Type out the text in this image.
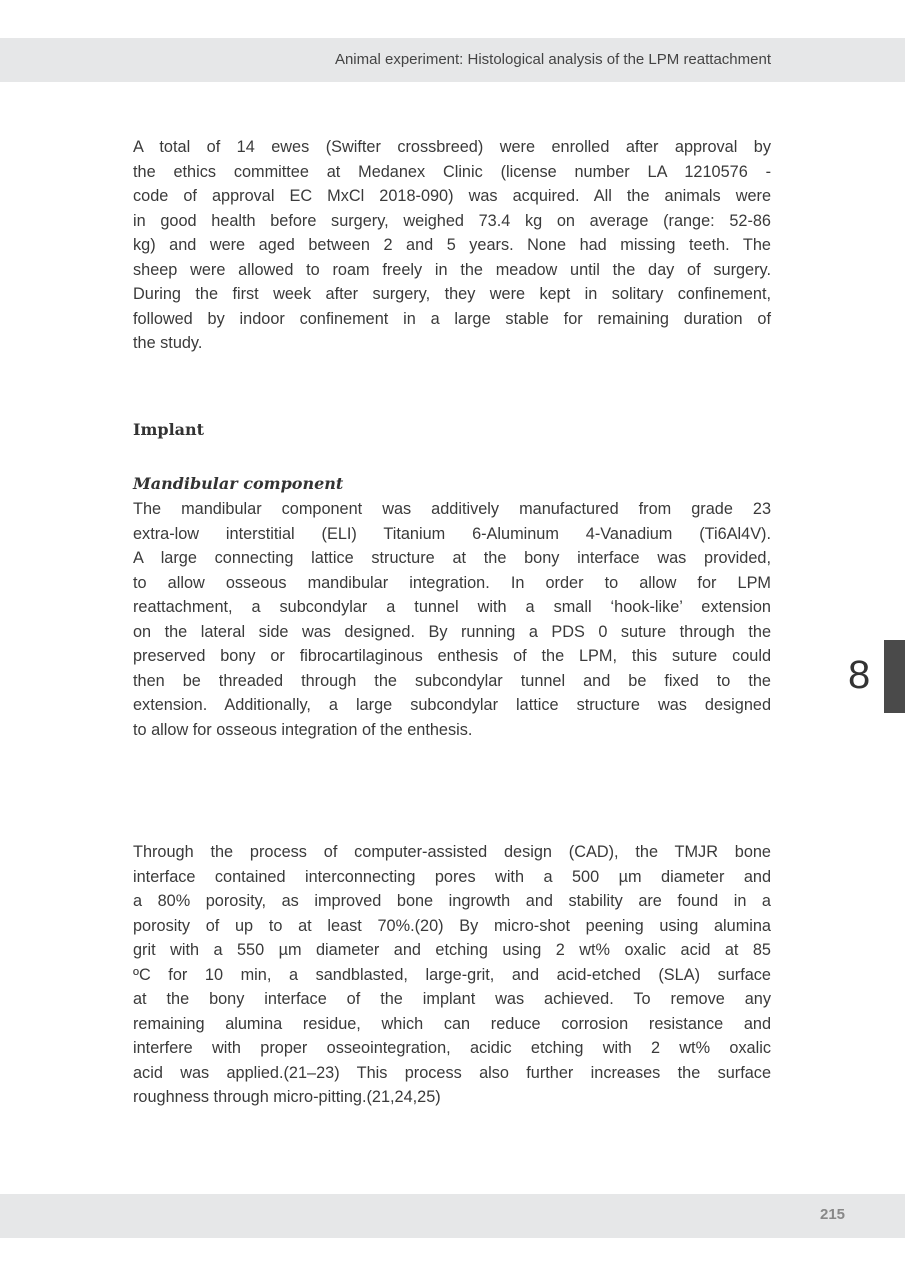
Animal experiment: Histological analysis of the LPM reattachment
8
A total of 14 ewes (Swifter crossbreed) were enrolled after approval by
the ethics committee at Medanex Clinic (license number LA 1210576 -
code of approval EC MxCl 2018-090) was acquired. All the animals were
in good health before surgery, weighed 73.4 kg on average (range: 52-86
kg) and were aged between 2 and 5 years. None had missing teeth. The
sheep were allowed to roam freely in the meadow until the day of surgery.
During the first week after surgery, they were kept in solitary confinement,
followed by indoor confinement in a large stable for remaining duration of
the study.
Implant
Mandibular component
The mandibular component was additively manufactured from grade 23
extra-low interstitial (ELI) Titanium 6-Aluminum 4-Vanadium (Ti6Al4V).
A large connecting lattice structure at the bony interface was provided,
to allow osseous mandibular integration. In order to allow for LPM
reattachment, a subcondylar a tunnel with a small ‘hook-like’ extension
on the lateral side was designed. By running a PDS 0 suture through the
preserved bony or fibrocartilaginous enthesis of the LPM, this suture could
then be threaded through the subcondylar tunnel and be fixed to the
extension. Additionally, a large subcondylar lattice structure was designed
to allow for osseous integration of the enthesis.
Through the process of computer-assisted design (CAD), the TMJR bone
interface contained interconnecting pores with a 500 µm diameter and
a 80% porosity, as improved bone ingrowth and stability are found in a
porosity of up to at least 70%.(20) By micro-shot peening using alumina
grit with a 550 µm diameter and etching using 2 wt% oxalic acid at 85
ºC for 10 min, a sandblasted, large-grit, and acid-etched (SLA) surface
at the bony interface of the implant was achieved. To remove any
remaining alumina residue, which can reduce corrosion resistance and
interfere with proper osseointegration, acidic etching with 2 wt% oxalic
acid was applied.(21–23) This process also further increases the surface
roughness through micro-pitting.(21,24,25)
215
